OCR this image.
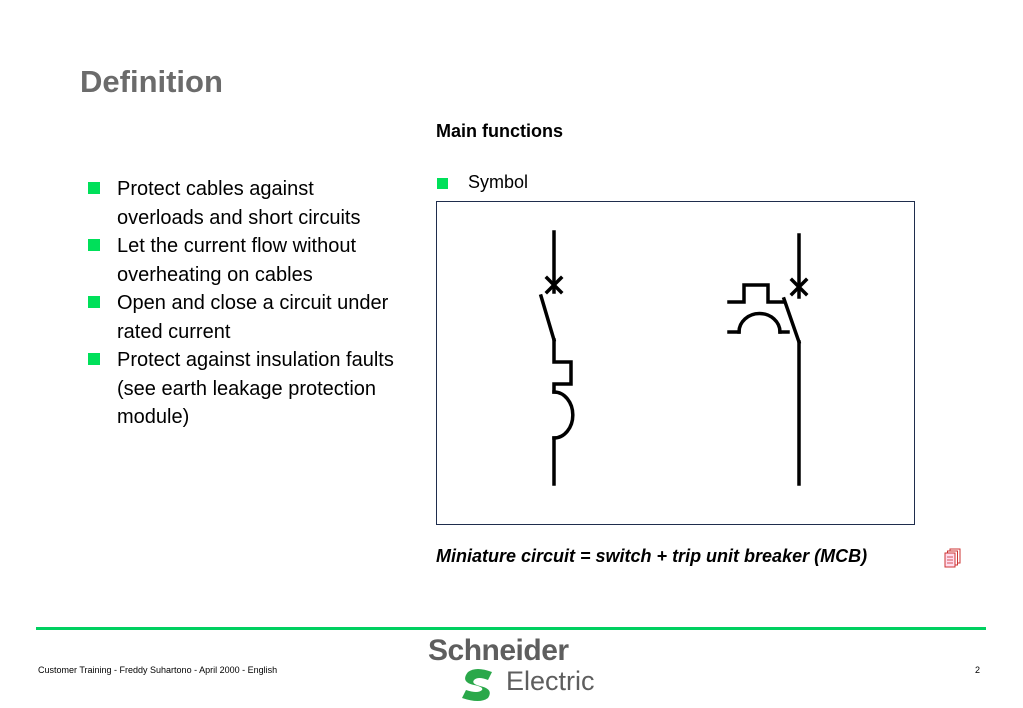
Definition
Protect cables against overloads and short circuits
Let the current flow without overheating on cables
Open and close a circuit under rated current
Protect against insulation faults (see earth leakage protection module)
Main functions
Symbol
Miniature circuit = switch + trip unit breaker (MCB)
Customer Training - Freddy Suhartono - April 2000 - English	2
Schneider
Electric
